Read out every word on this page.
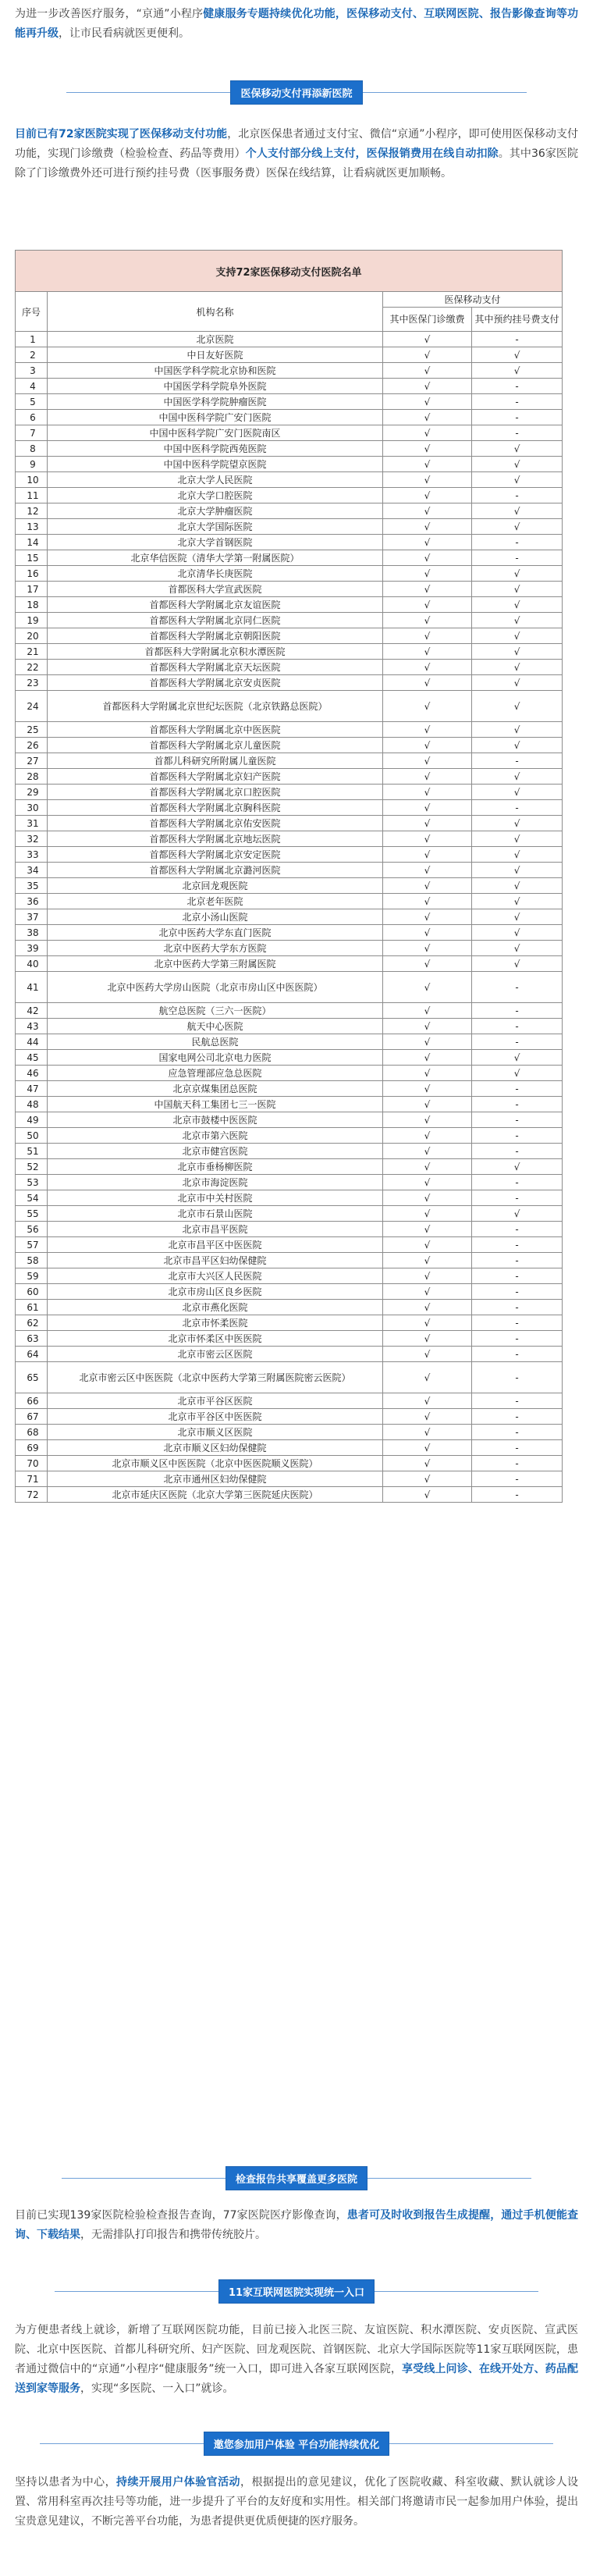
为进一步改善医疗服务，“京通”小程序健康服务专题持续优化功能，医保移动支付、互联网医院、报告影像查询等功能再升级，让市民看病就医更便利。

医保移动支付再添新医院

目前已有72家医院实现了医保移动支付功能，北京医保患者通过支付宝、微信“京通”小程序，即可使用医保移动支付功能，实现门诊缴费（检验检查、药品等费用）个人支付部分线上支付，医保报销费用在线自动扣除。其中36家医院除了门诊缴费外还可进行预约挂号费（医事服务费）医保在线结算，让看病就医更加顺畅。

支持72家医保移动支付医院名单			
序号	机构名称	医保移动支付	
		其中医保门诊缴费	其中预约挂号费支付
1	北京医院	√	-
2	中日友好医院	√	√
3	中国医学科学院北京协和医院	√	√
4	中国医学科学院阜外医院	√	-
5	中国医学科学院肿瘤医院	√	-
6	中国中医科学院广安门医院	√	-
7	中国中医科学院广安门医院南区	√	-
8	中国中医科学院西苑医院	√	√
9	中国中医科学院望京医院	√	√
10	北京大学人民医院	√	√
11	北京大学口腔医院	√	-
12	北京大学肿瘤医院	√	√
13	北京大学国际医院	√	√
14	北京大学首钢医院	√	-
15	北京华信医院（清华大学第一附属医院）	√	-
16	北京清华长庚医院	√	√
17	首都医科大学宣武医院	√	√
18	首都医科大学附属北京友谊医院	√	√
19	首都医科大学附属北京同仁医院	√	√
20	首都医科大学附属北京朝阳医院	√	√
21	首都医科大学附属北京积水潭医院	√	√
22	首都医科大学附属北京天坛医院	√	√
23	首都医科大学附属北京安贞医院	√	√
24	首都医科大学附属北京世纪坛医院（北京铁路总医院）	√	√
25	首都医科大学附属北京中医医院	√	√
26	首都医科大学附属北京儿童医院	√	√
27	首都儿科研究所附属儿童医院	√	-
28	首都医科大学附属北京妇产医院	√	√
29	首都医科大学附属北京口腔医院	√	√
30	首都医科大学附属北京胸科医院	√	-
31	首都医科大学附属北京佑安医院	√	√
32	首都医科大学附属北京地坛医院	√	√
33	首都医科大学附属北京安定医院	√	√
34	首都医科大学附属北京潞河医院	√	√
35	北京回龙观医院	√	√
36	北京老年医院	√	√
37	北京小汤山医院	√	√
38	北京中医药大学东直门医院	√	√
39	北京中医药大学东方医院	√	√
40	北京中医药大学第三附属医院	√	√
41	北京中医药大学房山医院（北京市房山区中医医院）	√	-
42	航空总医院（三六一医院）	√	-
43	航天中心医院	√	-
44	民航总医院	√	-
45	国家电网公司北京电力医院	√	√
46	应急管理部应急总医院	√	√
47	北京京煤集团总医院	√	-
48	中国航天科工集团七三一医院	√	-
49	北京市鼓楼中医医院	√	-
50	北京市第六医院	√	-
51	北京市健宫医院	√	-
52	北京市垂杨柳医院	√	√
53	北京市海淀医院	√	-
54	北京市中关村医院	√	-
55	北京市石景山医院	√	√
56	北京市昌平医院	√	-
57	北京市昌平区中医医院	√	-
58	北京市昌平区妇幼保健院	√	-
59	北京市大兴区人民医院	√	-
60	北京市房山区良乡医院	√	-
61	北京市燕化医院	√	-
62	北京市怀柔医院	√	-
63	北京市怀柔区中医医院	√	-
64	北京市密云区医院	√	-
65	北京市密云区中医医院（北京中医药大学第三附属医院密云医院）	√	-
66	北京市平谷区医院	√	-
67	北京市平谷区中医医院	√	-
68	北京市顺义区医院	√	-
69	北京市顺义区妇幼保健院	√	-
70	北京市顺义区中医医院（北京中医医院顺义医院）	√	-
71	北京市通州区妇幼保健院	√	-
72	北京市延庆区医院（北京大学第三医院延庆医院）	√	-
检查报告共享覆盖更多医院

目前已实现139家医院检验检查报告查询，77家医院医疗影像查询，患者可及时收到报告生成提醒，通过手机便能查询、下载结果，无需排队打印报告和携带传统胶片。

11家互联网医院实现统一入口

为方便患者线上就诊，新增了互联网医院功能，目前已接入北医三院、友谊医院、积水潭医院、安贞医院、宣武医院、北京中医医院、首都儿科研究所、妇产医院、回龙观医院、首钢医院、北京大学国际医院等11家互联网医院，患者通过微信中的“京通”小程序“健康服务”统一入口，即可进入各家互联网医院，享受线上问诊、在线开处方、药品配送到家等服务，实现“多医院、一入口”就诊。

邀您参加用户体验 平台功能持续优化

坚持以患者为中心，持续开展用户体验官活动，根据提出的意见建议，优化了医院收藏、科室收藏、默认就诊人设置、常用科室再次挂号等功能，进一步提升了平台的友好度和实用性。相关部门将邀请市民一起参加用户体验，提出宝贵意见建议，不断完善平台功能，为患者提供更优质便捷的医疗服务。
